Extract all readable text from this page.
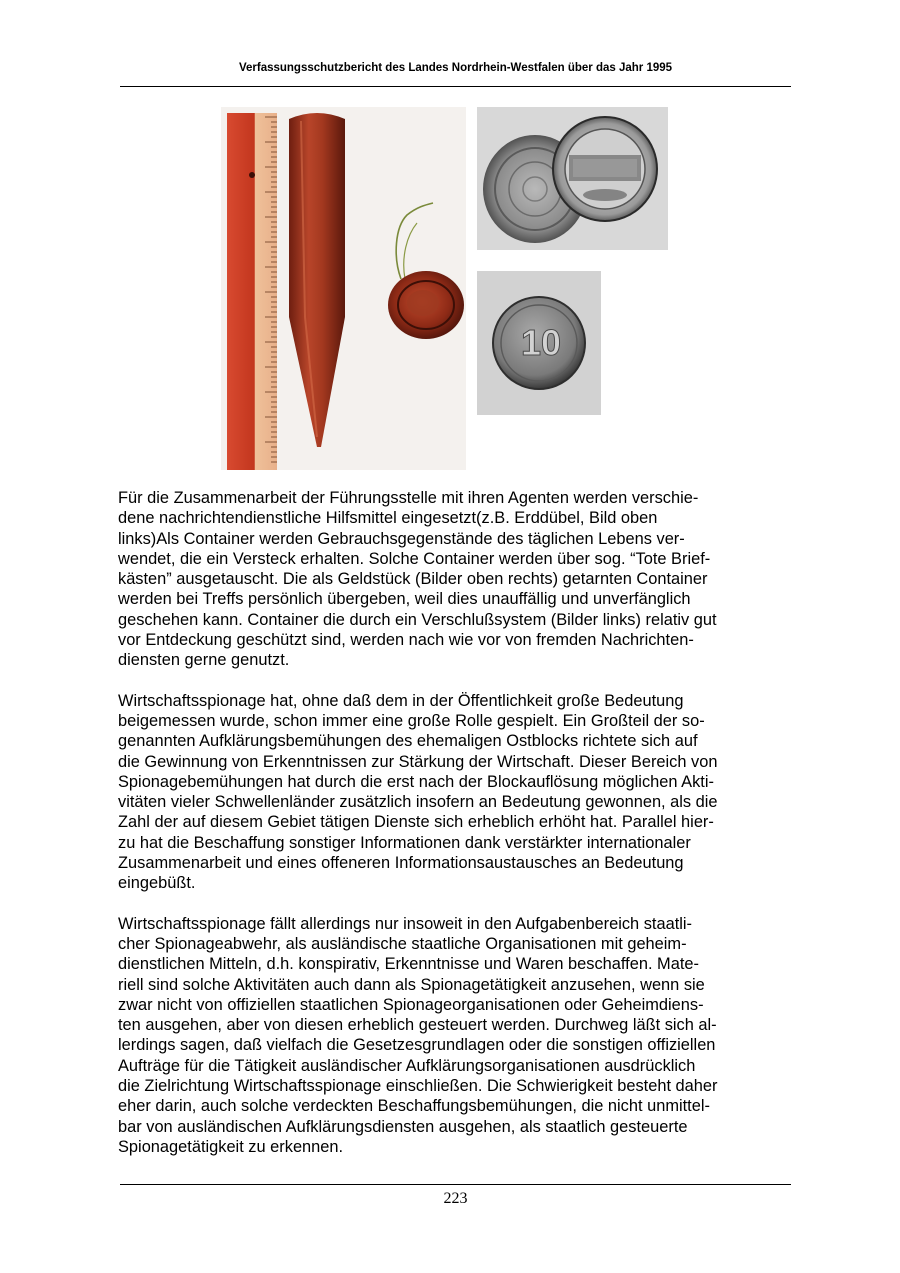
Verfassungsschutzbericht des Landes Nordrhein-Westfalen über das Jahr 1995
10

Für die Zusammenarbeit der Führungsstelle mit ihren Agenten werden verschie-
dene nachrichtendienstliche Hilfsmittel eingesetzt(z.B. Erddübel, Bild oben
links)Als Container werden Gebrauchsgegenstände des täglichen Lebens ver-
wendet, die ein Versteck erhalten. Solche Container werden über sog. “Tote Brief-
kästen” ausgetauscht. Die als Geldstück (Bilder oben rechts) getarnten Container
werden bei Treffs persönlich übergeben, weil dies unauffällig und unverfänglich
geschehen kann. Container die durch ein Verschlußsystem (Bilder links) relativ gut
vor Entdeckung geschützt sind, werden nach wie vor von fremden Nachrichten-
diensten gerne genutzt.

Wirtschaftsspionage hat, ohne daß dem in der Öffentlichkeit große Bedeutung
beigemessen wurde, schon immer eine große Rolle gespielt. Ein Großteil der so-
genannten Aufklärungsbemühungen des ehemaligen Ostblocks richtete sich auf
die Gewinnung von Erkenntnissen zur Stärkung der Wirtschaft. Dieser Bereich von
Spionagebemühungen hat durch die erst nach der Blockauflösung möglichen Akti-
vitäten vieler Schwellenländer zusätzlich insofern an Bedeutung gewonnen, als die
Zahl der auf diesem Gebiet tätigen Dienste sich erheblich erhöht hat. Parallel hier-
zu hat die Beschaffung sonstiger Informationen dank verstärkter internationaler
Zusammenarbeit und eines offeneren Informationsaustausches an Bedeutung
eingebüßt.

Wirtschaftsspionage fällt allerdings nur insoweit in den Aufgabenbereich staatli-
cher Spionageabwehr, als ausländische staatliche Organisationen mit geheim-
dienstlichen Mitteln, d.h. konspirativ, Erkenntnisse und Waren beschaffen. Mate-
riell sind solche Aktivitäten auch dann als Spionagetätigkeit anzusehen, wenn sie
zwar nicht von offiziellen staatlichen Spionageorganisationen oder Geheimdiens-
ten ausgehen, aber von diesen erheblich gesteuert werden. Durchweg läßt sich al-
lerdings sagen, daß vielfach die Gesetzesgrundlagen oder die sonstigen offiziellen
Aufträge für die Tätigkeit ausländischer Aufklärungsorganisationen ausdrücklich
die Zielrichtung Wirtschaftsspionage einschließen. Die Schwierigkeit besteht daher
eher darin, auch solche verdeckten Beschaffungsbemühungen, die nicht unmittel-
bar von ausländischen Aufklärungsdiensten ausgehen, als staatlich gesteuerte
Spionagetätigkeit zu erkennen.

223
